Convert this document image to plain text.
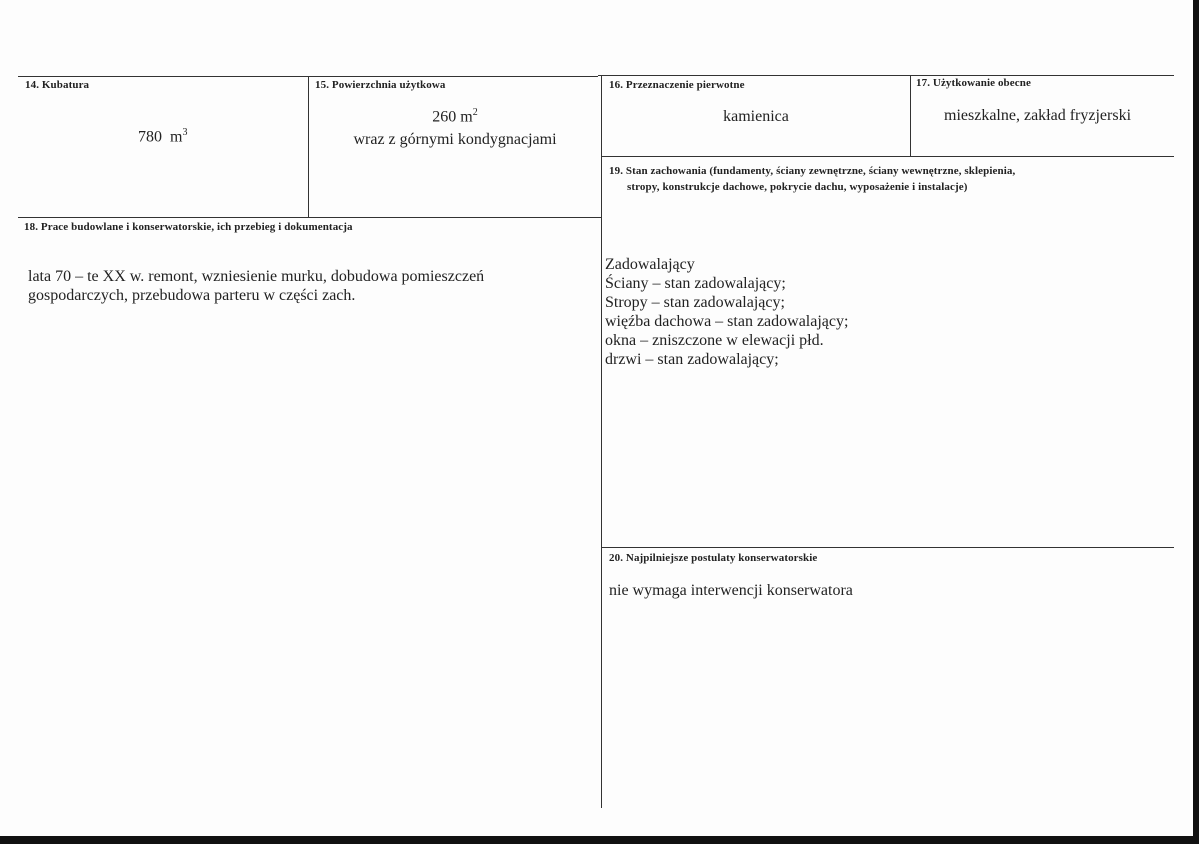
14. Kubatura
780 $m^3$
15. Powierzchnia użytkowa
260 $m^2$
wraz z górnymi kondygnacjami
16. Przeznaczenie pierwotne
kamienica
17. Użytkowanie obecne
mieszkalne, zakład fryzjerski
19. Stan zachowania (fundamenty, ściany zewnętrzne, ściany wewnętrzne, sklepienia,
stropy, konstrukcje dachowe, pokrycie dachu, wyposażenie i instalacje)
Zadowalający
Ściany – stan zadowalający;
Stropy – stan zadowalający;
więźba dachowa – stan zadowalający;
okna – zniszczone w elewacji płd.
drzwi – stan zadowalający;
18. Prace budowlane i konserwatorskie, ich przebieg i dokumentacja
lata 70 – te XX w. remont, wzniesienie murku, dobudowa pomieszczeń
gospodarczych, przebudowa parteru w części zach.
20. Najpilniejsze postulaty konserwatorskie
nie wymaga interwencji konserwatora
